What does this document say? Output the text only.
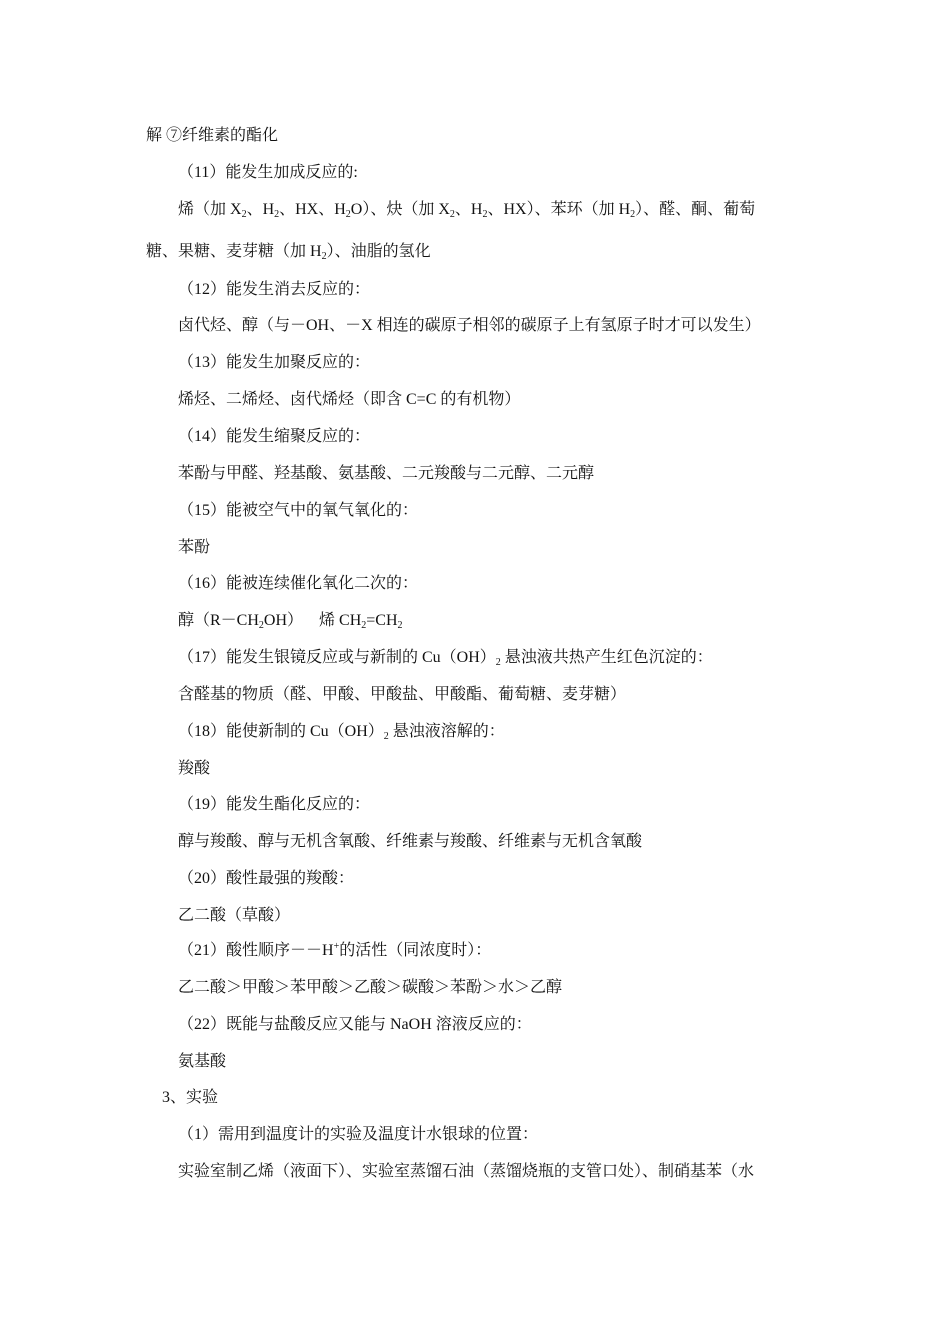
解 ⑦纤维素的酯化
（11）能发生加成反应的:
烯（加 $X_2$、$H_2$、HX、$H_2O$）、炔（加 $X_2$、$H_2$、HX）、苯环（加 $H_2$）、醛、酮、葡萄
糖、果糖、麦芽糖（加 $H_2$）、油脂的氢化
（12）能发生消去反应的：
卤代烃、醇（与－OH、－X 相连的碳原子相邻的碳原子上有氢原子时才可以发生）
（13）能发生加聚反应的：
烯烃、二烯烃、卤代烯烃（即含 C=C 的有机物）
（14）能发生缩聚反应的：
苯酚与甲醛、羟基酸、氨基酸、二元羧酸与二元醇、二元醇
（15）能被空气中的氧气氧化的：
苯酚
（16）能被连续催化氧化二次的：
醇$(R-CH_2OH)$    烯 $CH_2=CH_2$
（17）能发生银镜反应或与新制的 $Cu(OH)_2$ 悬浊液共热产生红色沉淀的：
含醛基的物质（醛、甲酸、甲酸盐、甲酸酯、葡萄糖、麦芽糖）
（18）能使新制的 $Cu(OH)_2$ 悬浊液溶解的：
羧酸
（19）能发生酯化反应的：
醇与羧酸、醇与无机含氧酸、纤维素与羧酸、纤维素与无机含氧酸
（20）酸性最强的羧酸：
乙二酸（草酸）
（21）酸性顺序－－H+的活性（同浓度时）：
乙二酸＞甲酸＞苯甲酸＞乙酸＞碳酸＞苯酚＞水＞乙醇
（22）既能与盐酸反应又能与 NaOH 溶液反应的：
氨基酸
3、实验
（1）需用到温度计的实验及温度计水银球的位置：
实验室制乙烯（液面下）、实验室蒸馏石油（蒸馏烧瓶的支管口处）、制硝基苯（水
